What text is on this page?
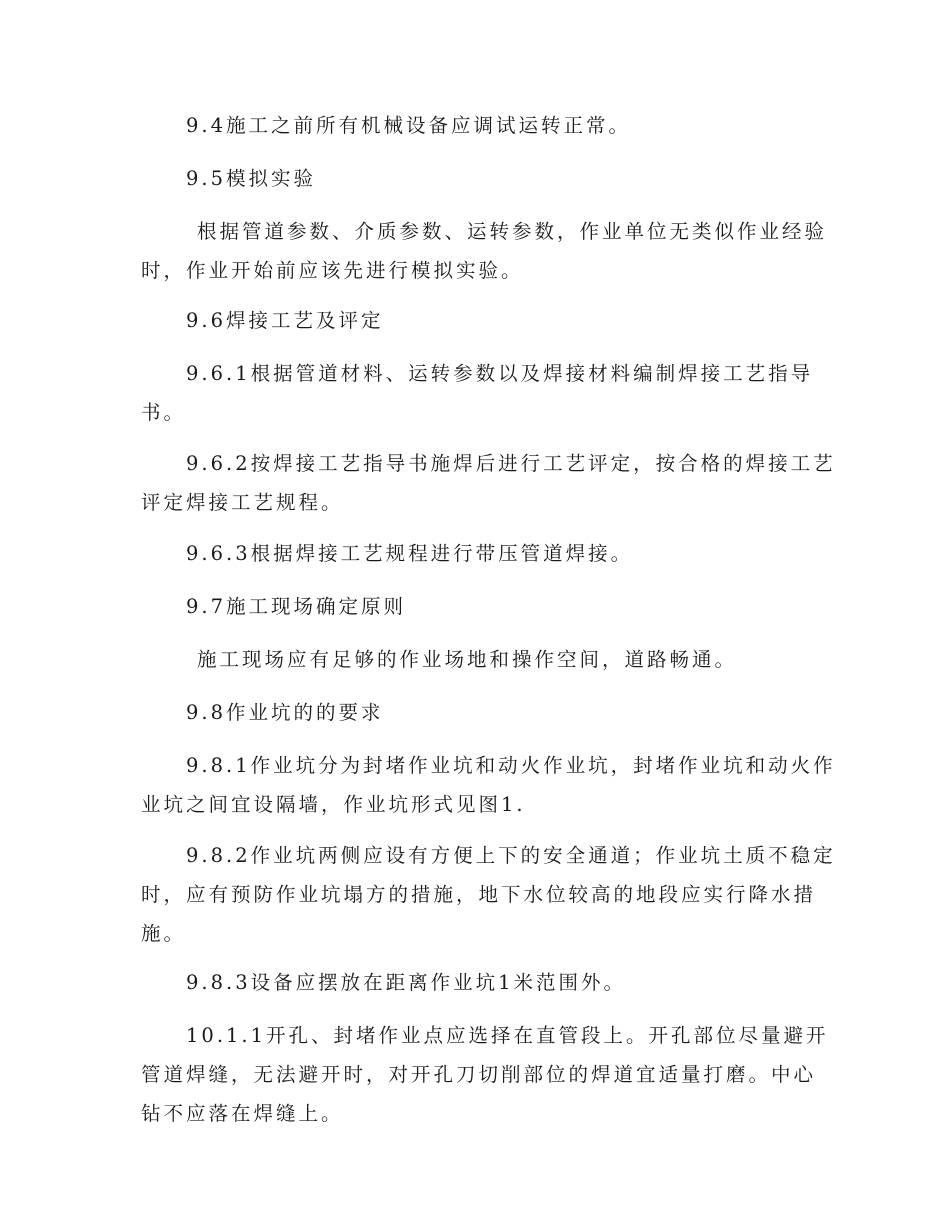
9.4施工之前所有机械设备应调试运转正常。
9.5模拟实验
根据管道参数、介质参数、运转参数，作业单位无类似作业经验
时，作业开始前应该先进行模拟实验。
9.6焊接工艺及评定
9.6.1根据管道材料、运转参数以及焊接材料编制焊接工艺指导
书。
9.6.2按焊接工艺指导书施焊后进行工艺评定，按合格的焊接工艺
评定焊接工艺规程。
9.6.3根据焊接工艺规程进行带压管道焊接。
9.7施工现场确定原则
施工现场应有足够的作业场地和操作空间，道路畅通。
9.8作业坑的的要求
9.8.1作业坑分为封堵作业坑和动火作业坑，封堵作业坑和动火作
业坑之间宜设隔墙，作业坑形式见图1.
9.8.2作业坑两侧应设有方便上下的安全通道；作业坑土质不稳定
时，应有预防作业坑塌方的措施，地下水位较高的地段应实行降水措
施。
9.8.3设备应摆放在距离作业坑1米范围外。
10.1.1开孔、封堵作业点应选择在直管段上。开孔部位尽量避开
管道焊缝，无法避开时，对开孔刀切削部位的焊道宜适量打磨。中心
钻不应落在焊缝上。
